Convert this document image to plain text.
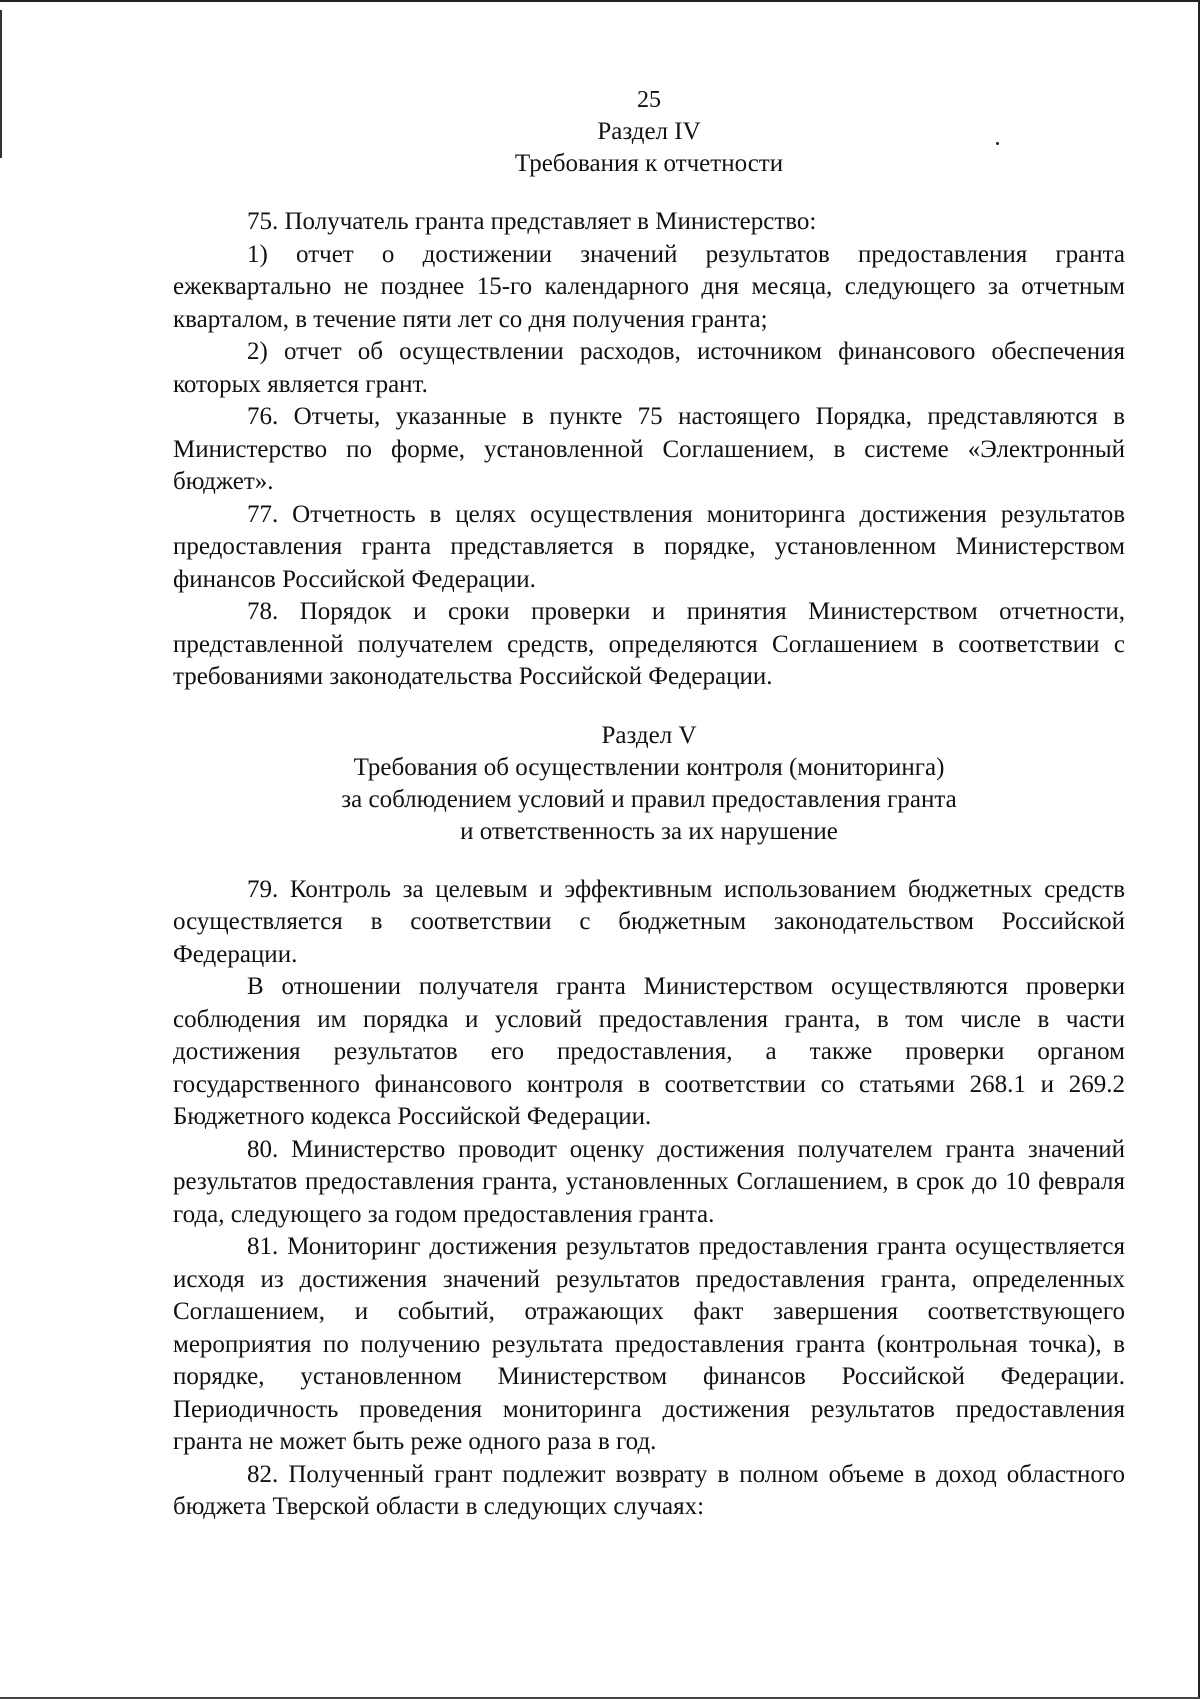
25

Раздел IV

Требования к отчетности

75. Получатель гранта представляет в Министерство:

1) отчет о достижении значений результатов предоставления гранта ежеквартально не позднее 15-го календарного дня месяца, следующего за отчетным кварталом, в течение пяти лет со дня получения гранта;

2) отчет об осуществлении расходов, источником финансового обеспечения которых является грант.

76. Отчеты, указанные в пункте 75 настоящего Порядка, представляются в Министерство по форме, установленной Соглашением, в системе «Электронный бюджет».

77. Отчетность в целях осуществления мониторинга достижения результатов предоставления гранта представляется в порядке, установленном Министерством финансов Российской Федерации.

78. Порядок и сроки проверки и принятия Министерством отчетности, представленной получателем средств, определяются Соглашением в соответствии с требованиями законодательства Российской Федерации.

Раздел V

Требования об осуществлении контроля (мониторинга)

за соблюдением условий и правил предоставления гранта

и ответственность за их нарушение

79. Контроль за целевым и эффективным использованием бюджетных средств осуществляется в соответствии с бюджетным законодательством Российской Федерации.

В отношении получателя гранта Министерством осуществляются проверки соблюдения им порядка и условий предоставления гранта, в том числе в части достижения результатов его предоставления, а также проверки органом государственного финансового контроля в соответствии со статьями 268.1 и 269.2 Бюджетного кодекса Российской Федерации.

80. Министерство проводит оценку достижения получателем гранта значений результатов предоставления гранта, установленных Соглашением, в срок до 10 февраля года, следующего за годом предоставления гранта.

81. Мониторинг достижения результатов предоставления гранта осуществляется исходя из достижения значений результатов предоставления гранта, определенных Соглашением, и событий, отражающих факт завершения соответствующего мероприятия по получению результата предоставления гранта (контрольная точка), в порядке, установленном Министерством финансов Российской Федерации. Периодичность проведения мониторинга достижения результатов предоставления гранта не может быть реже одного раза в год.

82. Полученный грант подлежит возврату в полном объеме в доход областного бюджета Тверской области в следующих случаях:
